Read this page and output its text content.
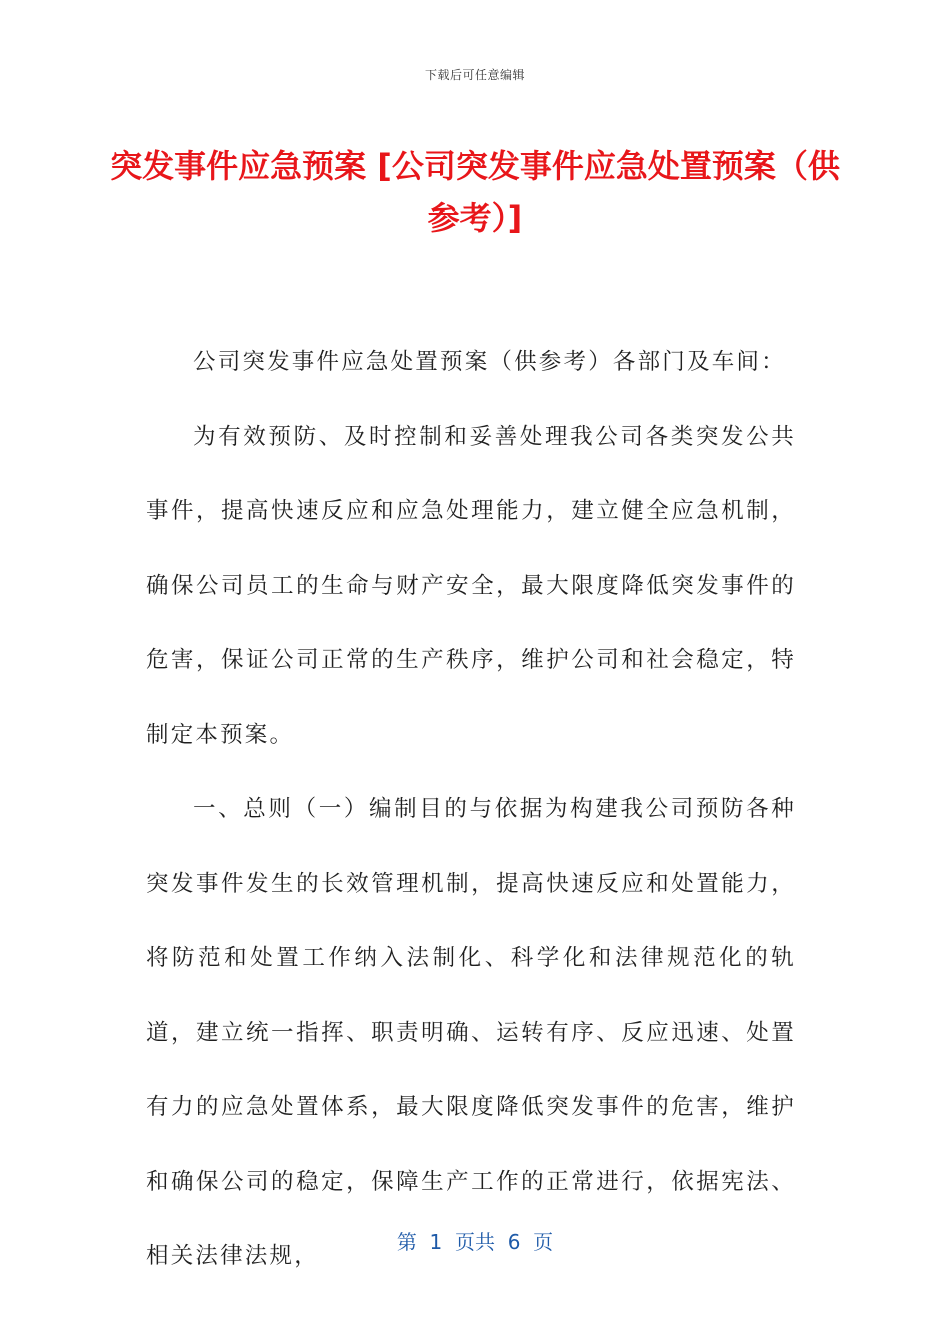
下载后可任意编辑
突发事件应急预案 [公司突发事件应急处置预案（供参考）]

公司突发事件应急处置预案（供参考）各部门及车间：

为有效预防、及时控制和妥善处理我公司各类突发公共事件，提高快速反应和应急处理能力，建立健全应急机制，确保公司员工的生命与财产安全，最大限度降低突发事件的危害，保证公司正常的生产秩序，维护公司和社会稳定，特制定本预案。

一、总则（一）编制目的与依据为构建我公司预防各种突发事件发生的长效管理机制，提高快速反应和处置能力，将防范和处置工作纳入法制化、科学化和法律规范化的轨道，建立统一指挥、职责明确、运转有序、反应迅速、处置有力的应急处置体系，最大限度降低突发事件的危害，维护和确保公司的稳定，保障生产工作的正常进行，依据宪法、相关法律法规，

第  1  页共  6  页
